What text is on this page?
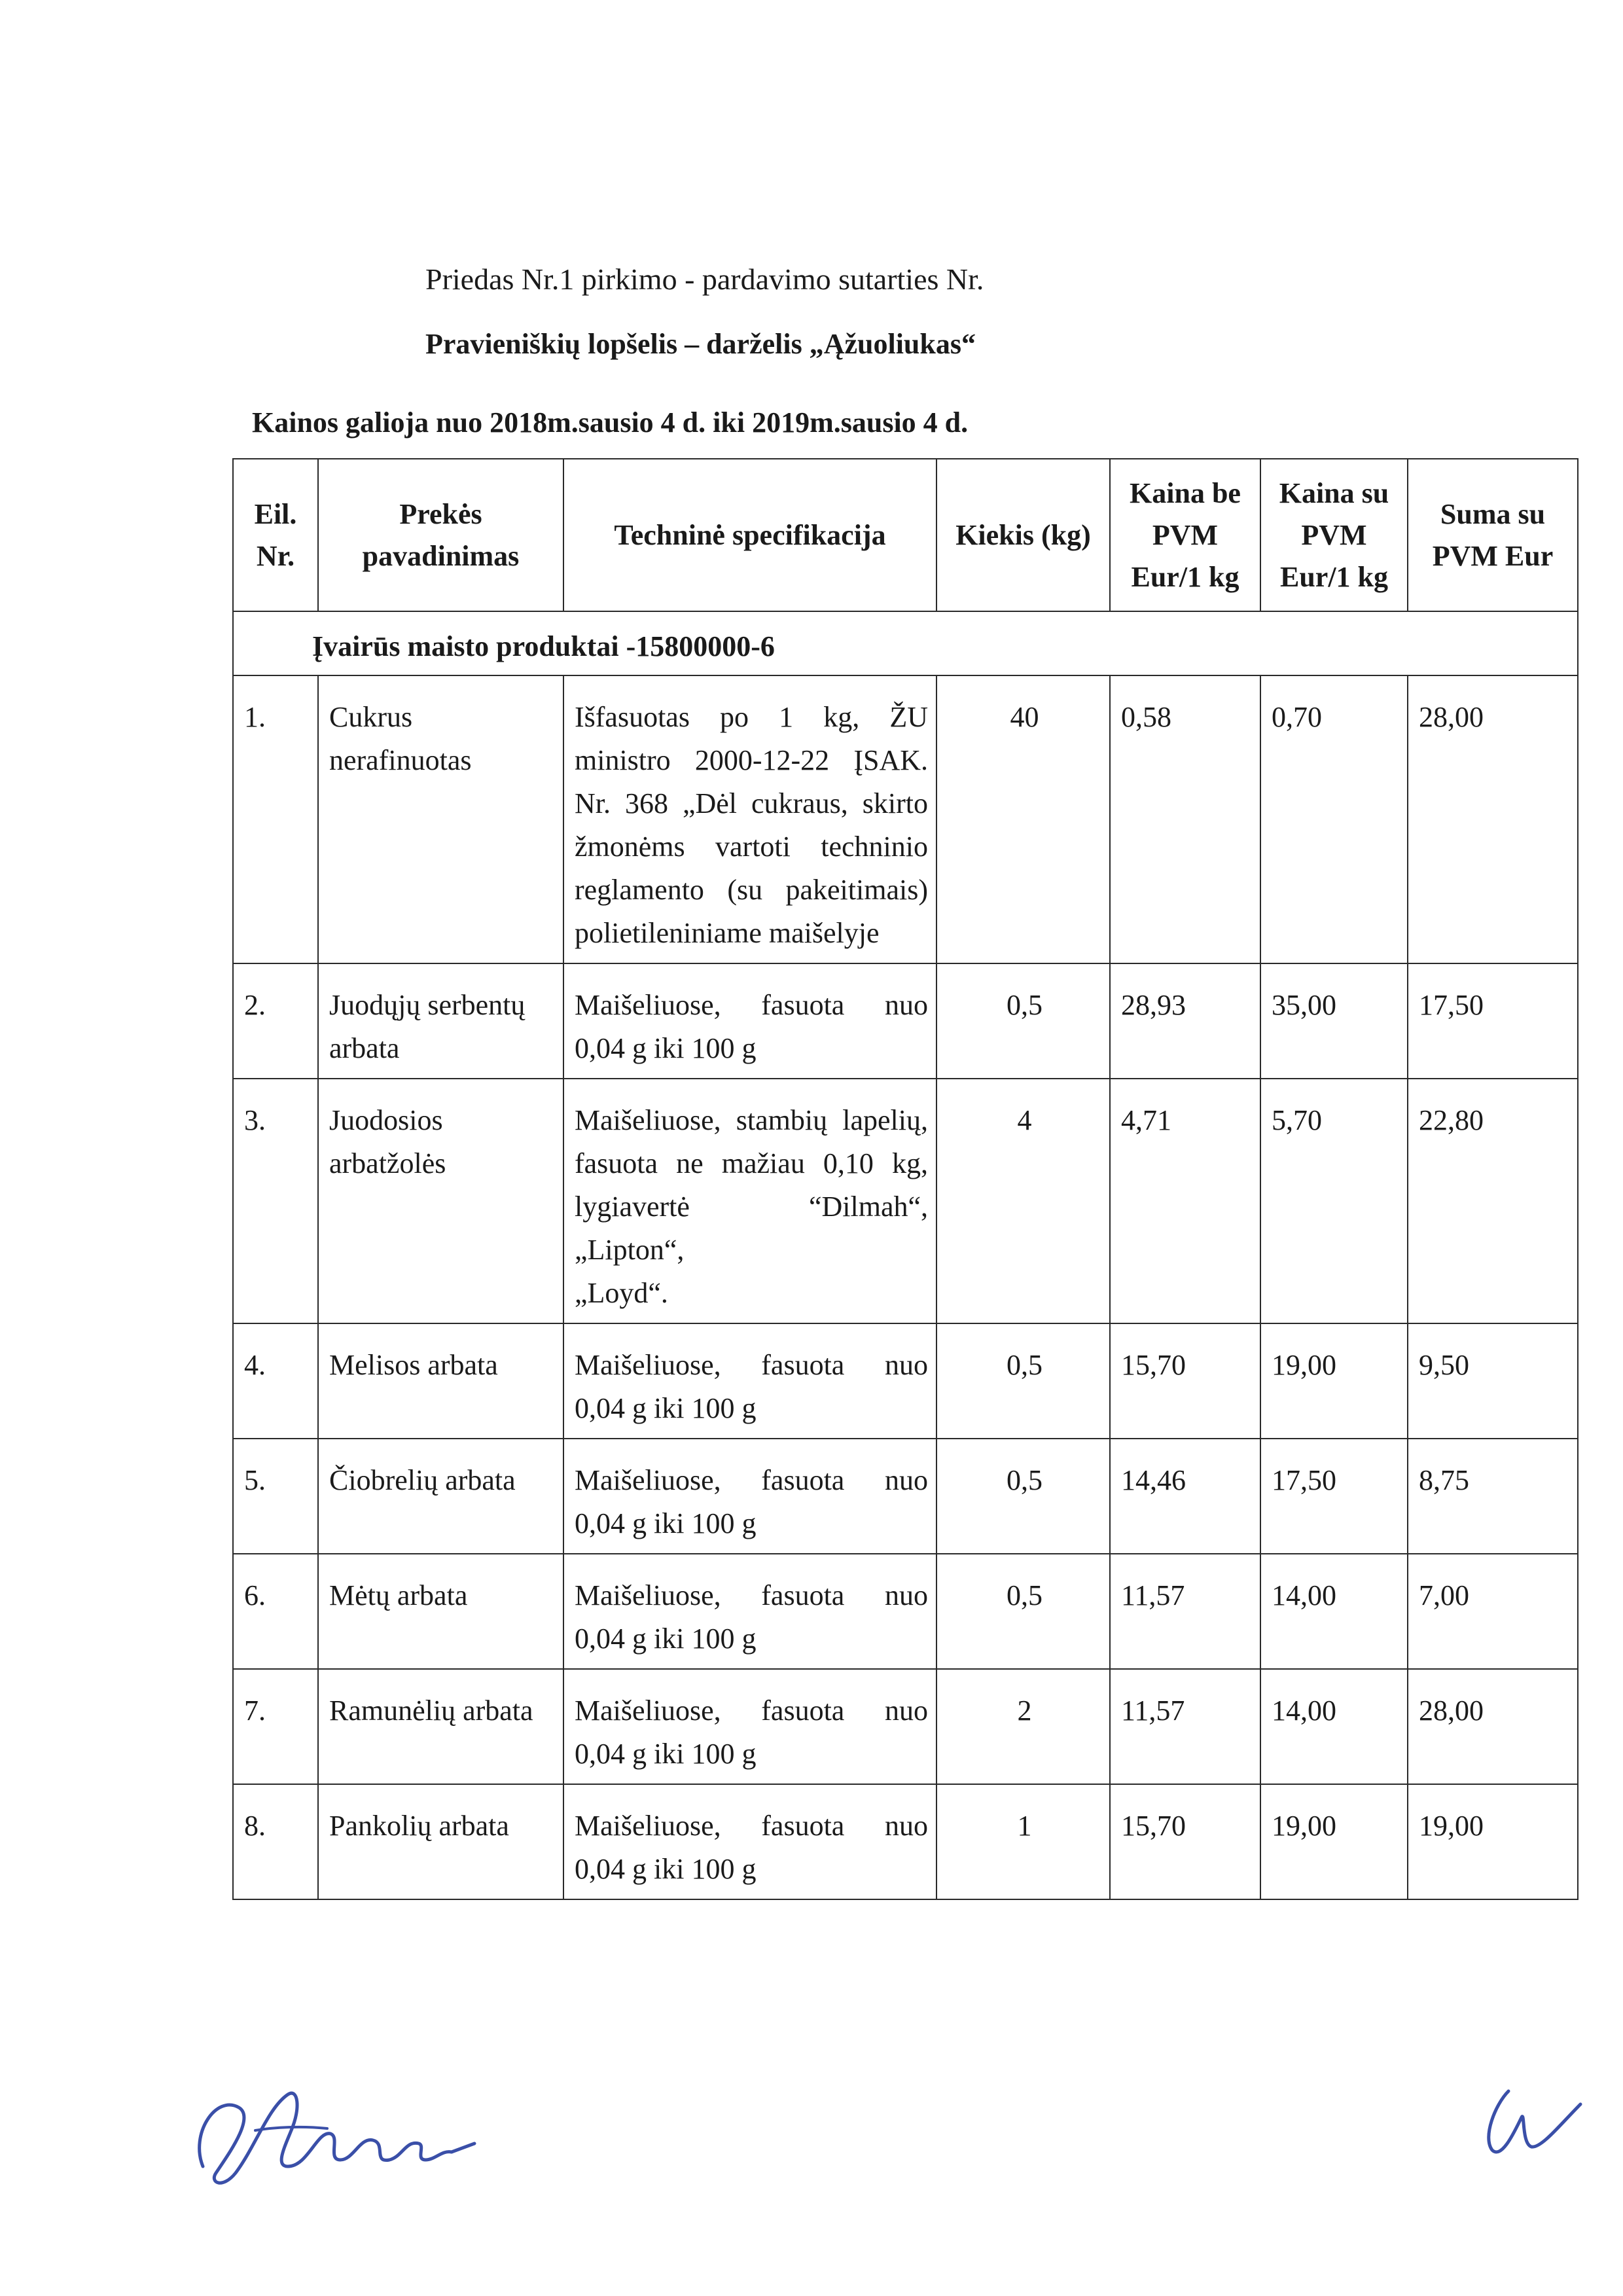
Priedas Nr.1 pirkimo - pardavimo sutarties Nr.
Pravieniškių lopšelis – darželis „Ąžuoliukas“
Kainos galioja nuo 2018m.sausio 4 d. iki 2019m.sausio 4 d.
Eil. Nr.	Prekės pavadinimas	Techninė specifikacija	Kiekis (kg)	Kaina be PVM Eur/1 kg	Kaina su PVM Eur/1 kg	Suma su PVM Eur
Įvairūs maisto produktai -15800000-6						
1.	Cukrus nerafinuotas	Išfasuotas po 1 kg, ŽU ministro 2000-12-22 ĮSAK. Nr. 368 „Dėl cukraus, skirto žmonėms vartoti techninio reglamento (su pakeitimais)
polietileniniame maišelyje	40	0,58	0,70	28,00
2.	Juodųjų serbentų arbata	Maišeliuose, fasuota nuo
0,04 g iki 100 g	0,5	28,93	35,00	17,50
3.	Juodosios arbatžolės	Maišeliuose, stambių lapelių, fasuota ne mažiau 0,10 kg, lygiavertė “Dilmah“, „Lipton“,
„Loyd“.	4	4,71	5,70	22,80
4.	Melisos arbata	Maišeliuose, fasuota nuo
0,04 g iki 100 g	0,5	15,70	19,00	9,50
5.	Čiobrelių arbata	Maišeliuose, fasuota nuo
0,04 g iki 100 g	0,5	14,46	17,50	8,75
6.	Mėtų arbata	Maišeliuose, fasuota nuo
0,04 g iki 100 g	0,5	11,57	14,00	7,00
7.	Ramunėlių arbata	Maišeliuose, fasuota nuo
0,04 g iki 100 g	2	11,57	14,00	28,00
8.	Pankolių arbata	Maišeliuose, fasuota nuo
0,04 g iki 100 g	1	15,70	19,00	19,00
